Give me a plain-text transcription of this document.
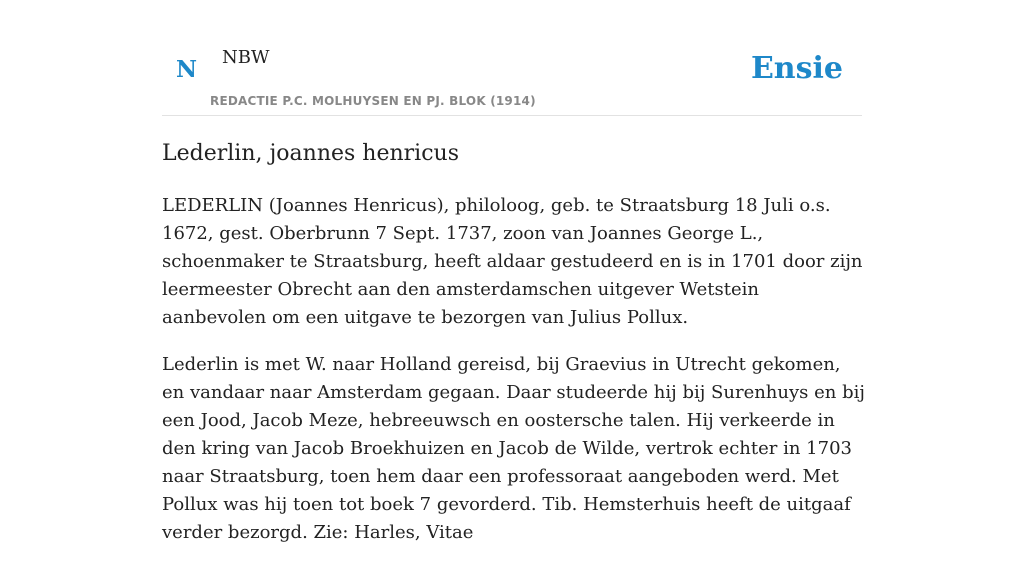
N NBW
REDACTIE P.C. MOLHUYSEN EN PJ. BLOK (1914)
Ensie
Lederlin, joannes henricus

LEDERLIN (Joannes Henricus), philoloog, geb. te Straatsburg 18 Juli o.s. 1672, gest. Oberbrunn 7 Sept. 1737, zoon van Joannes George L., schoenmaker te Straatsburg, heeft aldaar gestudeerd en is in 1701 door zijn leermeester Obrecht aan den amsterdamschen uitgever Wetstein aanbevolen om een uitgave te bezorgen van Julius Pollux.

Lederlin is met W. naar Holland gereisd, bij Graevius in Utrecht gekomen, en vandaar naar Amsterdam gegaan. Daar studeerde hij bij Surenhuys en bij een Jood, Jacob Meze, hebreeuwsch en oostersche talen. Hij verkeerde in den kring van Jacob Broekhuizen en Jacob de Wilde, vertrok echter in 1703 naar Straatsburg, toen hem daar een professoraat aangeboden werd. Met Pollux was hij toen tot boek 7 gevorderd. Tib. Hemsterhuis heeft de uitgaaf verder bezorgd. Zie: Harles, Vitae
